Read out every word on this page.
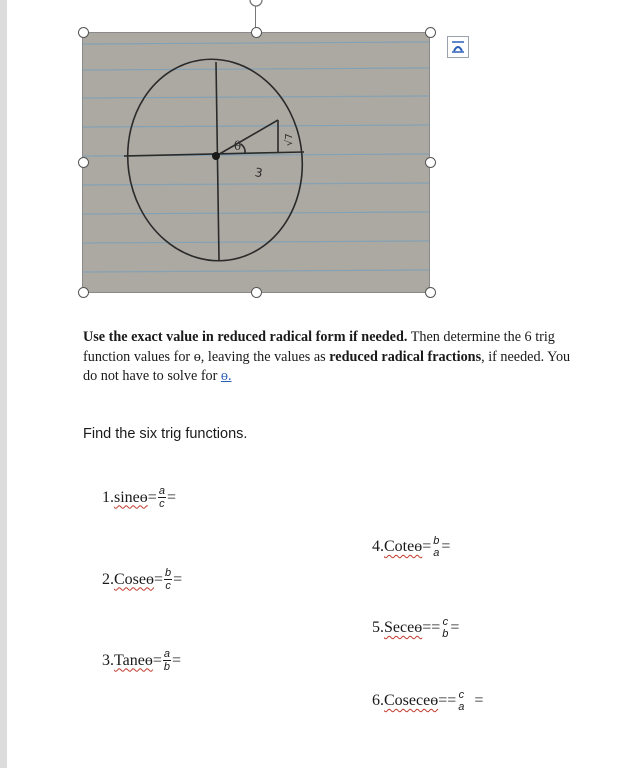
θ
3
√7
Use the exact value in reduced radical form if needed. Then determine the 6 trig function values for ɵ, leaving the values as reduced radical fractions, if needed. You do not have to solve for ɵ.
Find the six trig functions.
1. sineɵ = $\frac{a}{c}$ =
2. Coseɵ = $\frac{b}{c}$ =
3. Taneɵ = $\frac{a}{b}$ =
4. Coteɵ = b
a =
5. Seceɵ == c
b =
6. Coseceɵ == c
a =
